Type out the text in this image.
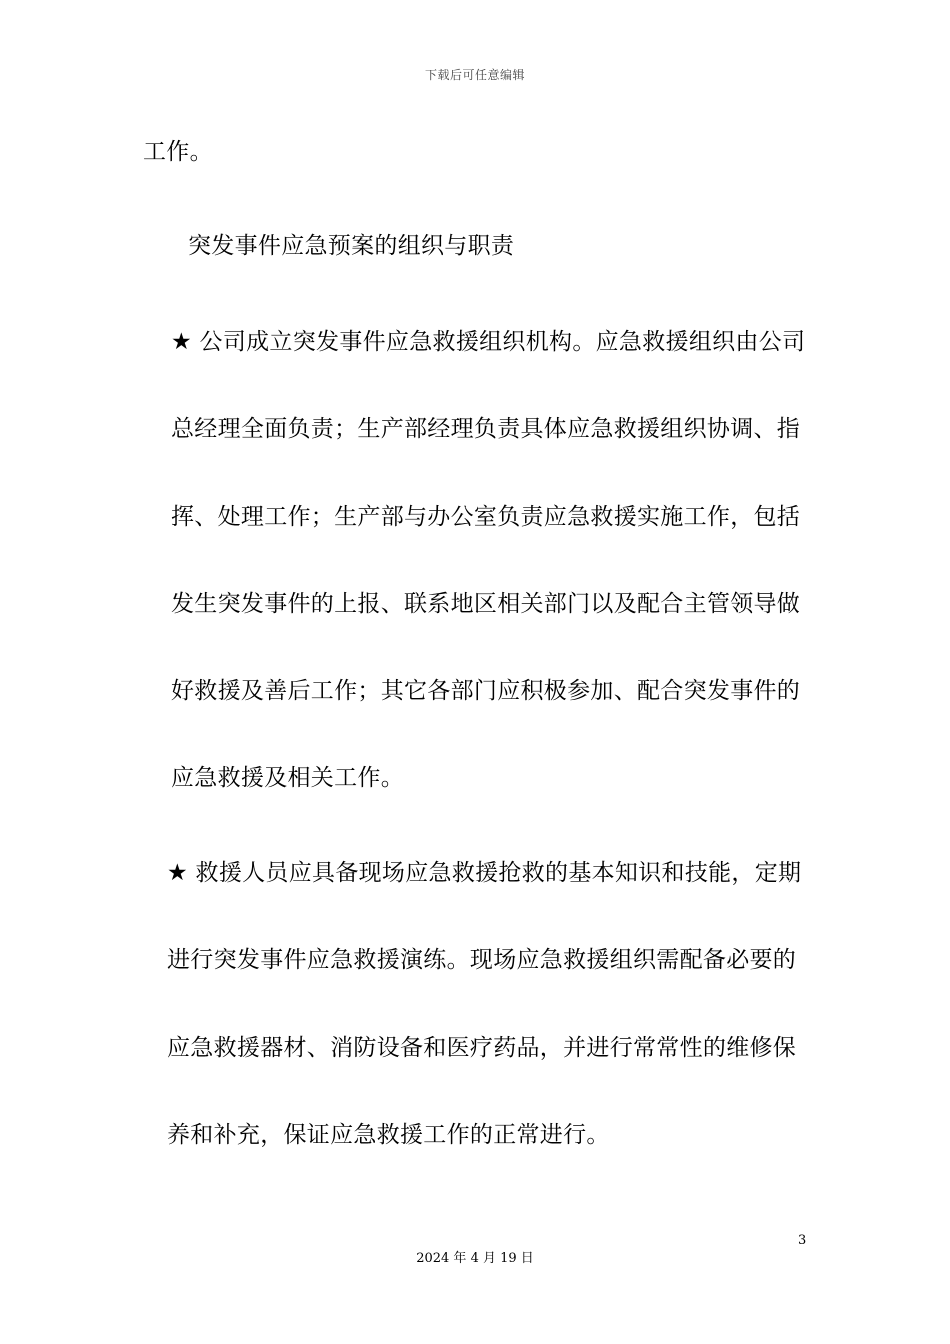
下载后可任意编辑
工作。
突发事件应急预案的组织与职责
★ 公司成立突发事件应急救援组织机构。应急救援组织由公司
总经理全面负责；生产部经理负责具体应急救援组织协调、指
挥、处理工作；生产部与办公室负责应急救援实施工作，包括
发生突发事件的上报、联系地区相关部门以及配合主管领导做
好救援及善后工作；其它各部门应积极参加、配合突发事件的
应急救援及相关工作。
★ 救援人员应具备现场应急救援抢救的基本知识和技能，定期
进行突发事件应急救援演练。现场应急救援组织需配备必要的
应急救援器材、消防设备和医疗药品，并进行常常性的维修保
养和补充，保证应急救援工作的正常进行。
3
2024 年 4 月 19 日
